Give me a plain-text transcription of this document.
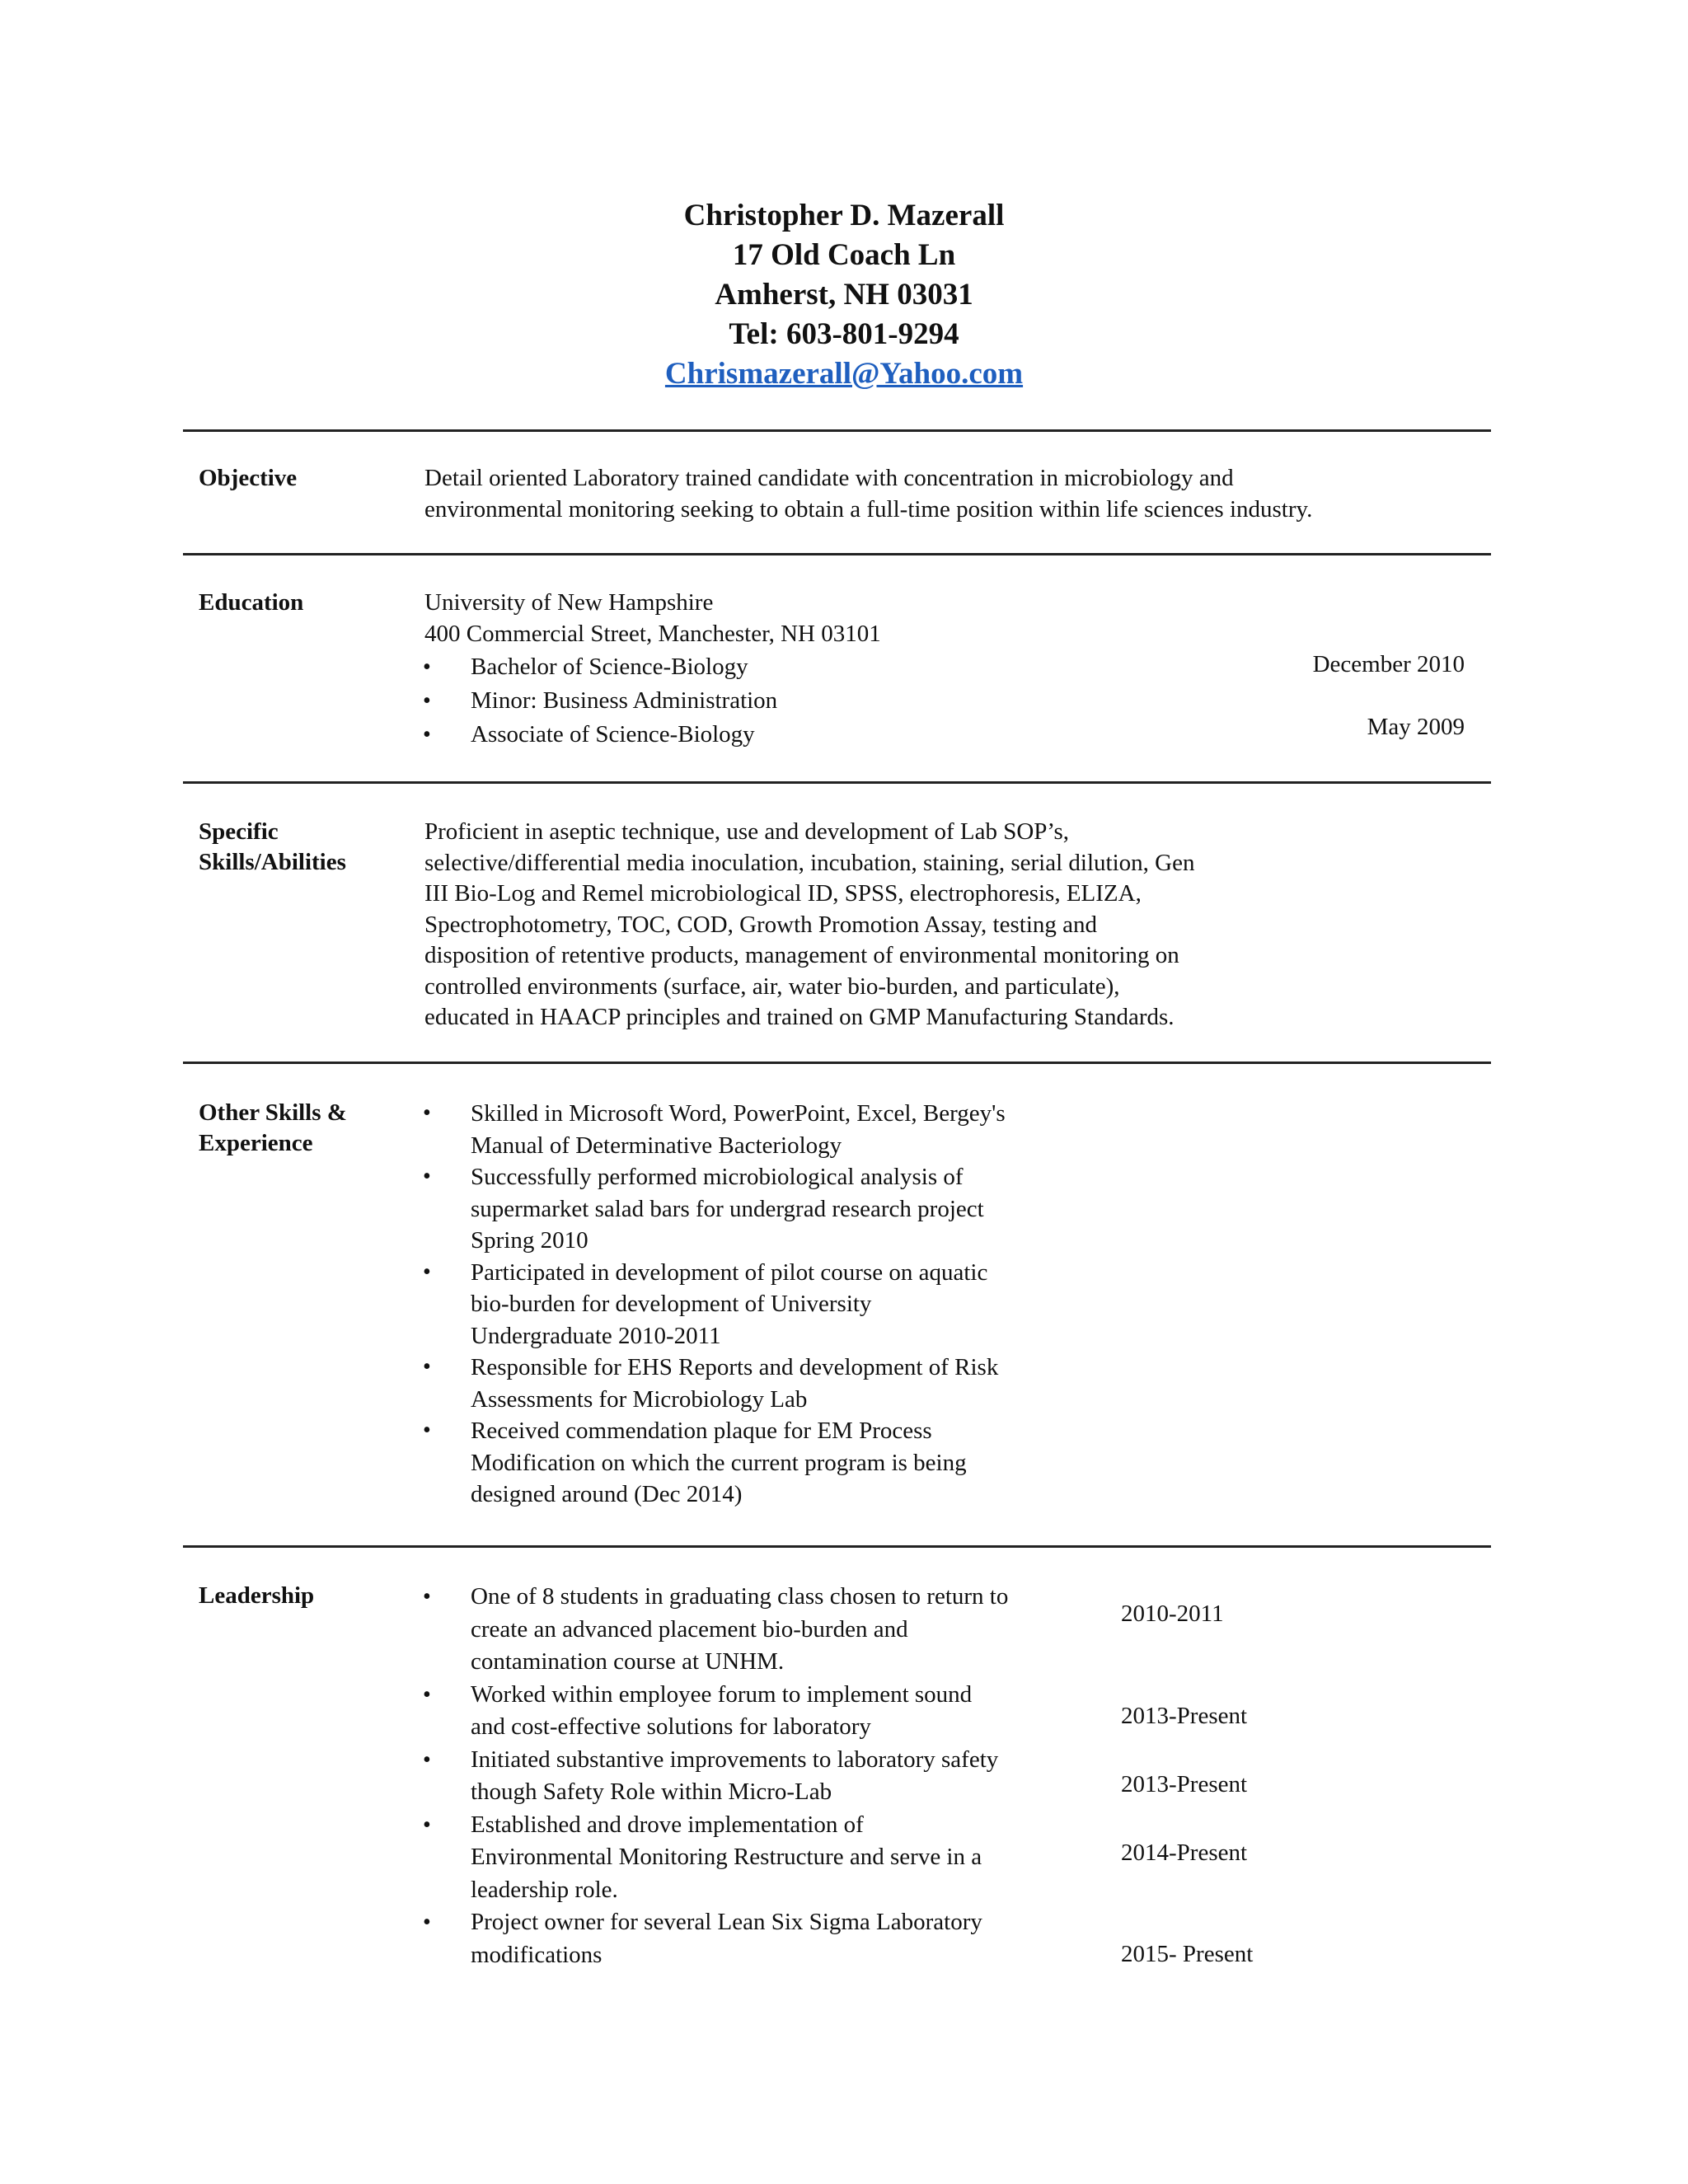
Christopher D. Mazerall
17 Old Coach Ln
Amherst, NH 03031
Tel: 603-801-9294
Chrismazerall@Yahoo.com
Objective	Detail oriented Laboratory trained candidate with concentration in microbiology and
environmental monitoring seeking to obtain a full-time position within life sciences industry.
Education	University of New Hampshire
400 Commercial Street, Manchester, NH 03101
• Bachelor of Science-Biology
• Minor: Business Administration
• Associate of Science-Biology
December 2010
May 2009
Specific
Skills/Abilities
Proficient in aseptic technique, use and development of Lab SOP’s,
selective/differential media inoculation, incubation, staining, serial dilution, Gen
III Bio-Log and Remel microbiological ID, SPSS, electrophoresis, ELIZA,
Spectrophotometry, TOC, COD, Growth Promotion Assay, testing and
disposition of retentive products, management of environmental monitoring on
controlled environments (surface, air, water bio-burden, and particulate),
educated in HAACP principles and trained on GMP Manufacturing Standards.
Other Skills &
Experience
• Skilled in Microsoft Word, PowerPoint, Excel, Bergey's
Manual of Determinative Bacteriology
• Successfully performed microbiological analysis of
supermarket salad bars for undergrad research project
Spring 2010
• Participated in development of pilot course on aquatic
bio-burden for development of University
Undergraduate 2010-2011
• Responsible for EHS Reports and development of Risk
Assessments for Microbiology Lab
• Received commendation plaque for EM Process
Modification on which the current program is being
designed around (Dec 2014)
Leadership
•	One of 8 students in graduating class chosen to return to
create an advanced placement bio-burden and
contamination course at UNHM.
• Worked within employee forum to implement sound
and cost-effective solutions for laboratory
• Initiated substantive improvements to laboratory safety
though Safety Role within Micro-Lab
• Established and drove implementation of
Environmental Monitoring Restructure and serve in a
leadership role.
• Project owner for several Lean Six Sigma Laboratory
modifications
2010-2011
2013-Present
2013-Present
2014-Present
2015- Present
